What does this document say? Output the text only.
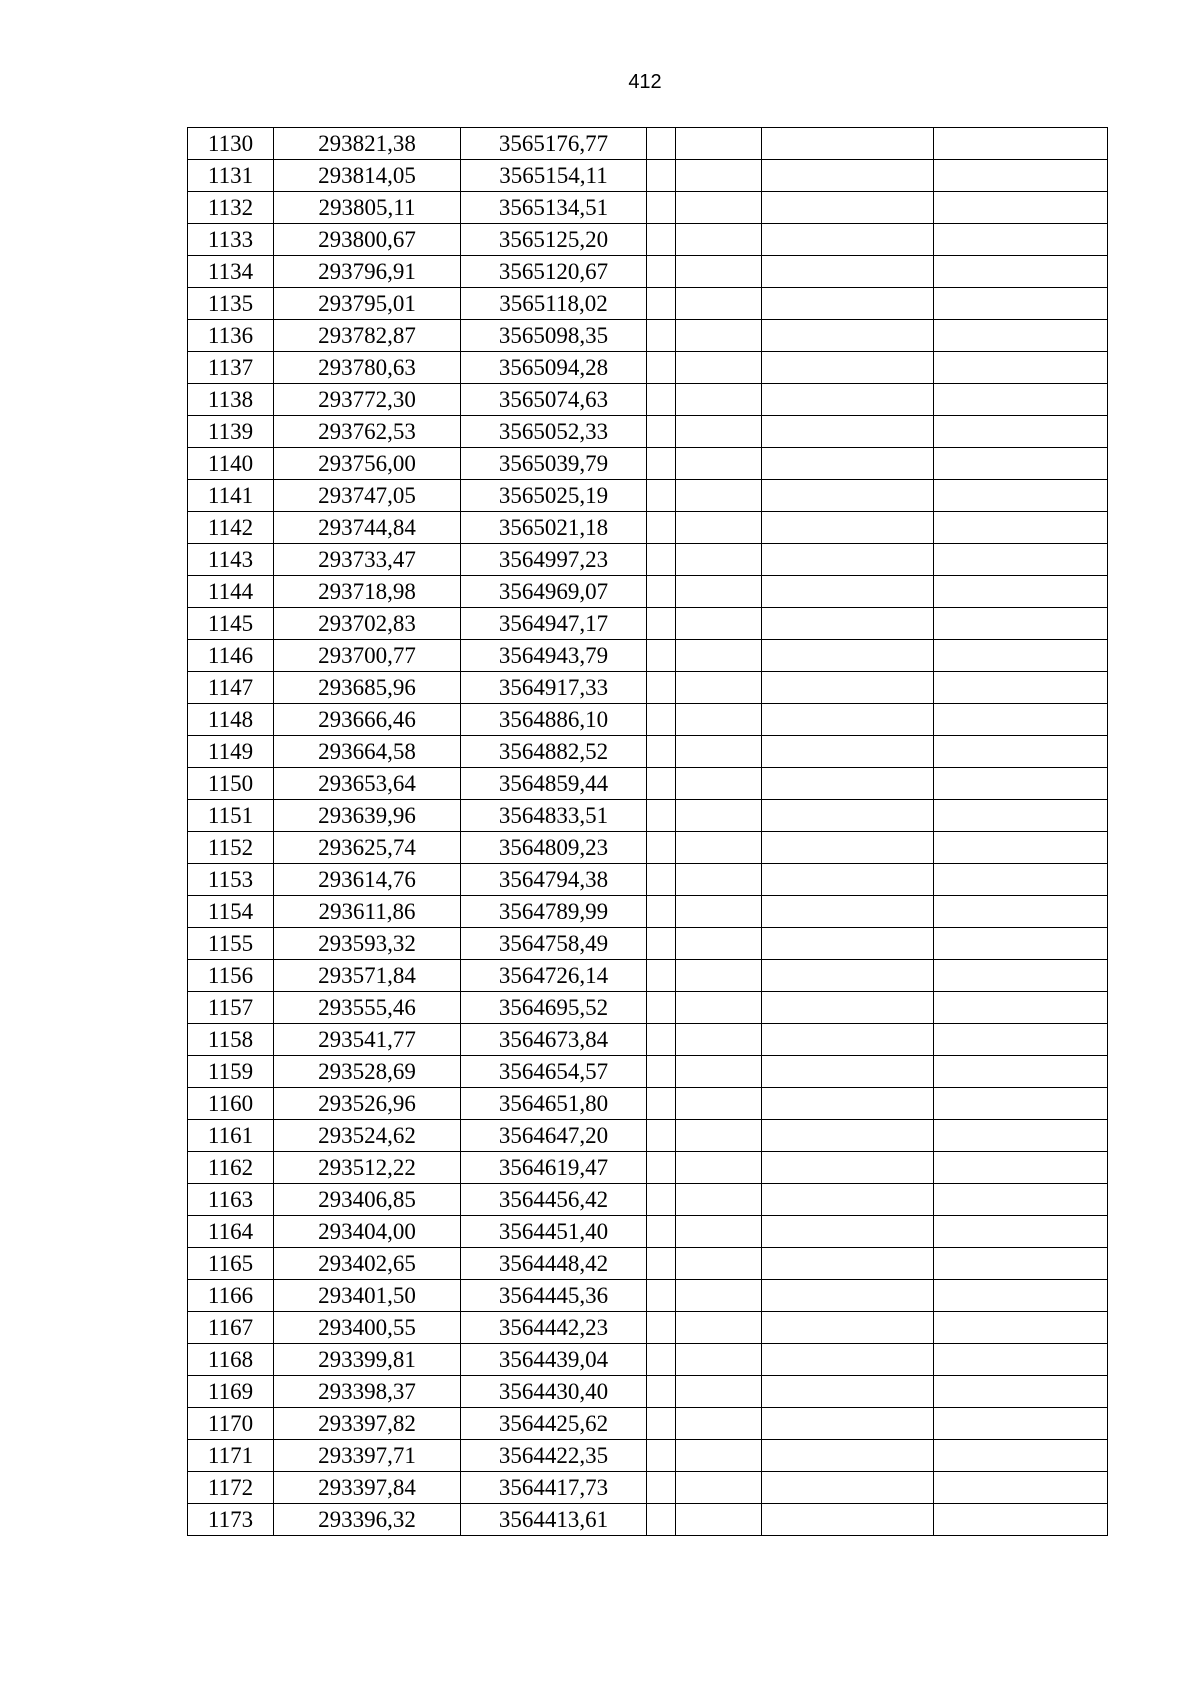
412
1130	293821,38	3565176,77				
1131	293814,05	3565154,11				
1132	293805,11	3565134,51				
1133	293800,67	3565125,20				
1134	293796,91	3565120,67				
1135	293795,01	3565118,02				
1136	293782,87	3565098,35				
1137	293780,63	3565094,28				
1138	293772,30	3565074,63				
1139	293762,53	3565052,33				
1140	293756,00	3565039,79				
1141	293747,05	3565025,19				
1142	293744,84	3565021,18				
1143	293733,47	3564997,23				
1144	293718,98	3564969,07				
1145	293702,83	3564947,17				
1146	293700,77	3564943,79				
1147	293685,96	3564917,33				
1148	293666,46	3564886,10				
1149	293664,58	3564882,52				
1150	293653,64	3564859,44				
1151	293639,96	3564833,51				
1152	293625,74	3564809,23				
1153	293614,76	3564794,38				
1154	293611,86	3564789,99				
1155	293593,32	3564758,49				
1156	293571,84	3564726,14				
1157	293555,46	3564695,52				
1158	293541,77	3564673,84				
1159	293528,69	3564654,57				
1160	293526,96	3564651,80				
1161	293524,62	3564647,20				
1162	293512,22	3564619,47				
1163	293406,85	3564456,42				
1164	293404,00	3564451,40				
1165	293402,65	3564448,42				
1166	293401,50	3564445,36				
1167	293400,55	3564442,23				
1168	293399,81	3564439,04				
1169	293398,37	3564430,40				
1170	293397,82	3564425,62				
1171	293397,71	3564422,35				
1172	293397,84	3564417,73				
1173	293396,32	3564413,61				
